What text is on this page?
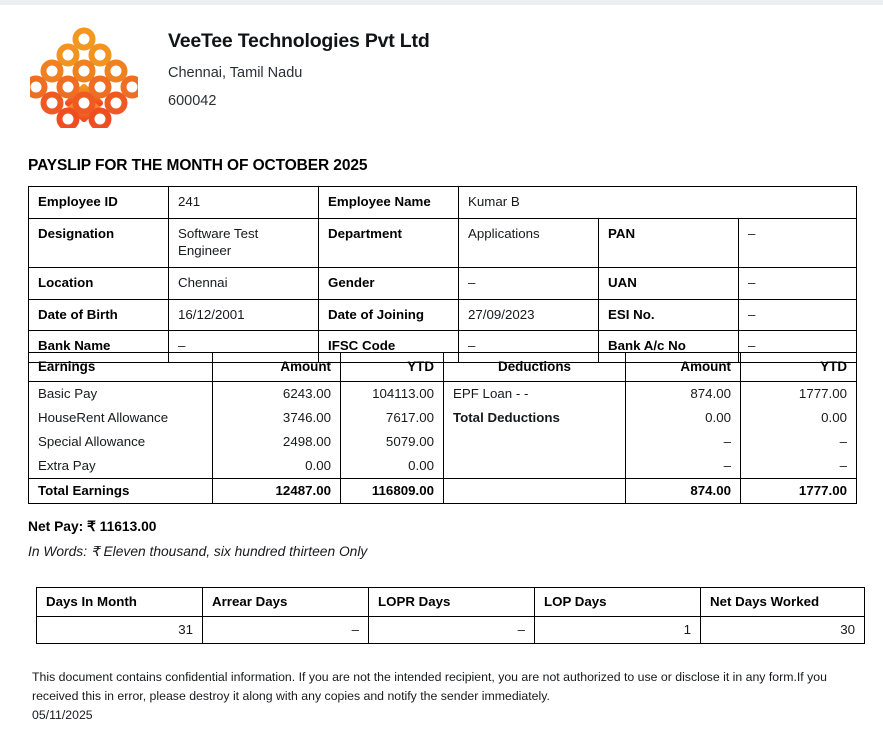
VeeTee Technologies Pvt Ltd
Chennai, Tamil Nadu
600042
PAYSLIP FOR THE MONTH OF OCTOBER 2025
Employee ID	241	Employee Name	Kumar B		
Designation	Software Test Engineer	Department	Applications	PAN	–
Location	Chennai	Gender	–	UAN	–
Date of Birth	16/12/2001	Date of Joining	27/09/2023	ESI No.	–
Bank Name	–	IFSC Code	–	Bank A/c No	–
Earnings	Amount	YTD	Deductions	Amount	YTD
Basic Pay	6243.00	104113.00	EPF Loan - -	874.00	1777.00
HouseRent Allowance	3746.00	7617.00	Total Deductions	0.00	0.00
Special Allowance	2498.00	5079.00		–	–
Extra Pay	0.00	0.00		–	–
Total Earnings	12487.00	116809.00		874.00	1777.00
Net Pay: ₹ 11613.00
In Words: ₹ Eleven thousand, six hundred thirteen Only
Days In Month	Arrear Days	LOPR Days	LOP Days	Net Days Worked
31	–	–	1	30
This document contains confidential information. If you are not the intended recipient, you are not authorized to use or disclose it in any form.If you received this in error, please destroy it along with any copies and notify the sender immediately.
05/11/2025
